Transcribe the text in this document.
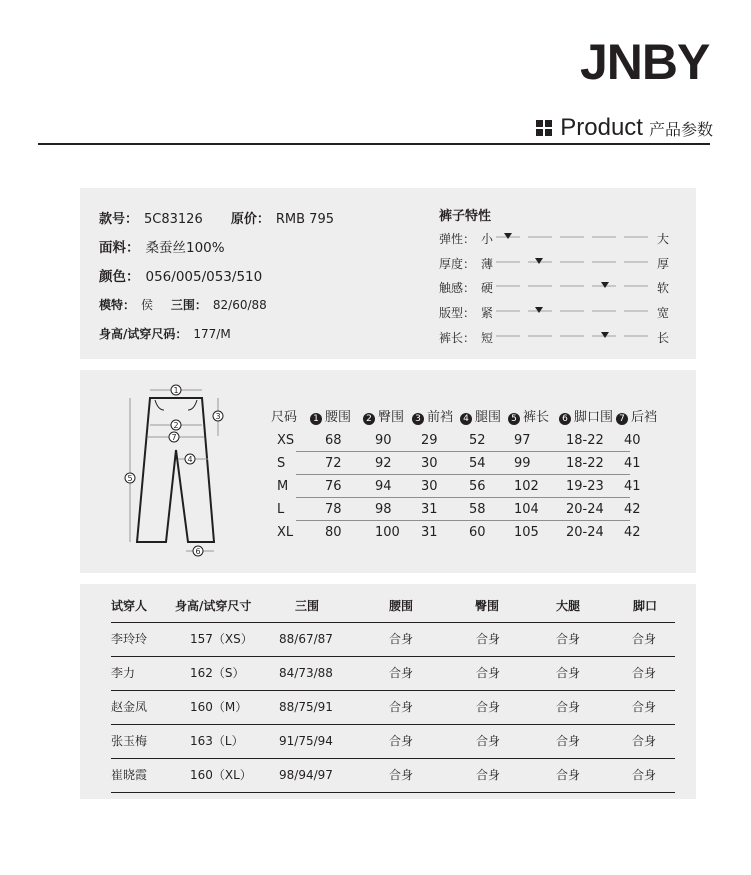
JNBY
Product 产品参数
款号： 5C83126 原价： RMB 795
面料： 桑蚕丝100%
颜色： 056/005/053/510
模特： 侯 三围： 82/60/88
身高/试穿尺码： 177/M
裤子特性
弹性： 小	大
厚度： 薄	厚
触感： 硬	软
版型： 紧	宽
裤长： 短	长
1
2
3
4
5
6
7
尺码	1 腰围	2 臀围	3 前裆	4 腿围	5 裤长	6 脚口围 7 后裆
XS 68	90 29 52 97	18-22 40
S	72	92 30 54 99	18-22 41
M	76	94 30 56 102 19-23 41
L	78	98 31 58 104 20-24 42
XL 80	100 31 60 105 20-24 42
试穿人 身高/试穿尺寸	三围	腰围	臀围	大腿	脚口
李玲玲	157（XS） 88/67/87	合身	合身	合身	合身
李力	162（S）	84/73/88	合身	合身	合身	合身
赵金凤	160（M）	88/75/91	合身	合身	合身	合身
张玉梅	163（L）	91/75/94	合身	合身	合身	合身
崔晓霞	160（XL） 98/94/97	合身	合身	合身	合身
